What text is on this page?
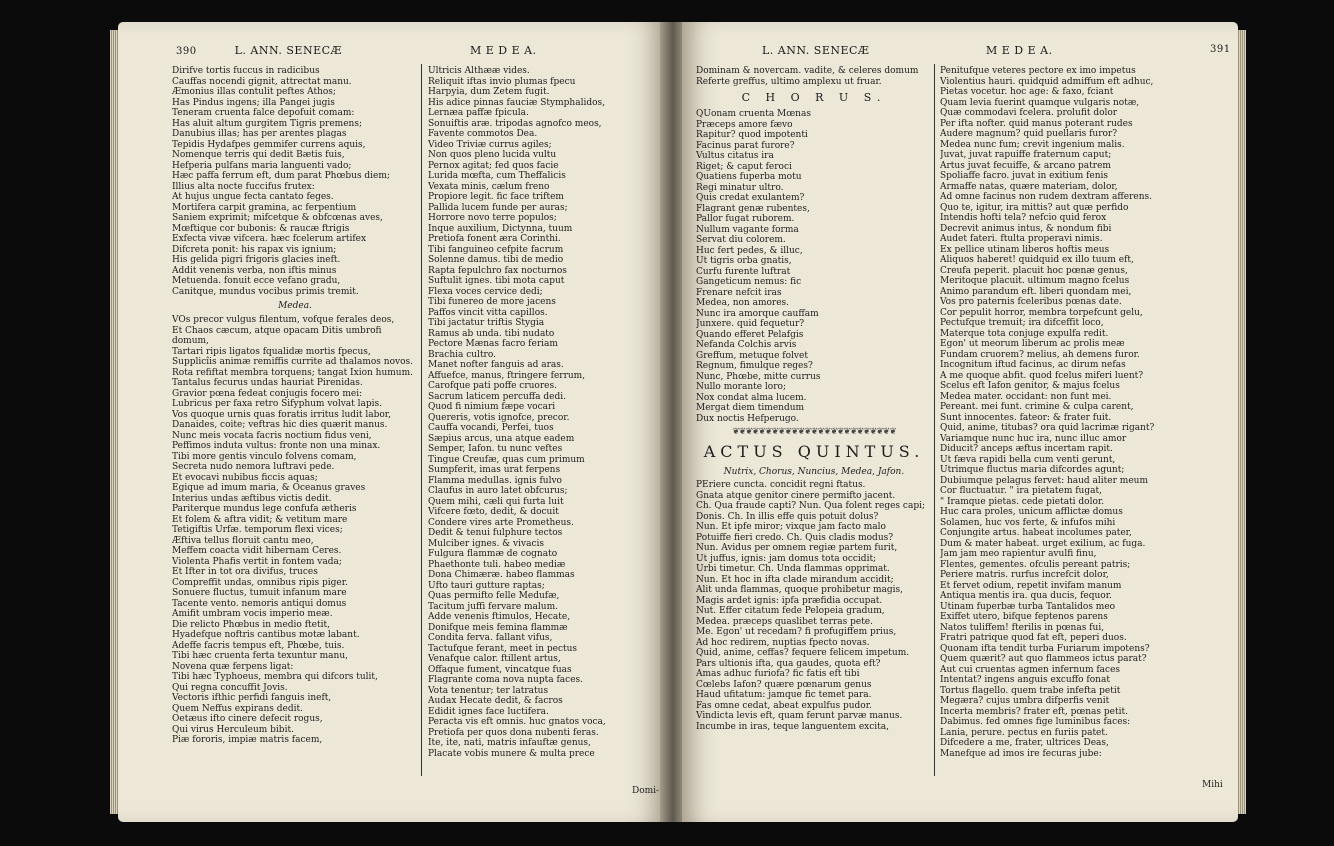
390	L. ANN. SENECÆ	M E D E A.
Dirifve tortis fuccus in radicibus
Cauffas nocendi gignit, attrectat manu.
Æmonius illas contulit peftes Athos;
Has Pindus ingens; illa Pangei jugis
Teneram cruenta falce depofuit comam:
Has aluit altum gurgitem Tigris premens;
Danubius illas; has per arentes plagas
Tepidis Hydafpes gemmifer currens aquis,
Nomenque terris qui dedit Bætis fuis,
Hefperia pulfans maria languenti vado;
Hæc paffa ferrum eft, dum parat Phœbus diem;
Illius alta nocte fuccifus frutex:
At hujus ungue fecta cantato feges.
Mortifera carpit gramina, ac ferpentium
Saniem exprimit; mifcetque & obfcœnas aves,
Mœftique cor bubonis: & raucæ ftrigis
Exfecta vivæ vifcera. hæc fcelerum artifex
Difcreta ponit: his rapax vis ignium;
His gelida pigri frigoris glacies ineft.
Addit venenis verba, non iftis minus
Metuenda. fonuit ecce vefano gradu,
Canitque, mundus vocibus primis tremit.
Medea.
VOs precor vulgus filentum, vofque ferales deos,
Et Chaos cæcum, atque opacam Ditis umbrofi
domum,
Tartari ripis ligatos fqualidæ mortis fpecus,
Supplicîis animæ remiffis currite ad thalamos novos.
Rota refiftat membra torquens; tangat Ixion humum.
Tantalus fecurus undas hauriat Pirenidas.
Gravior pœna fedeat conjugis focero mei:
Lubricus per faxa retro Sifyphum volvat lapis.
Vos quoque urnis quas foratis irritus ludit labor,
Danaides, coite; veftras hic dies quærit manus.
Nunc meis vocata facris noctium fidus veni,
Peffimos induta vultus: fronte non una minax.
Tibi more gentis vinculo folvens comam,
Secreta nudo nemora luftravi pede.
Et evocavi nubibus ficcis aquas;
Egique ad imum maria, & Oceanus graves
Interius undas æftibus victis dedit.
Pariterque mundus lege confufa ætheris
Et folem & aftra vidit; & vetitum mare
Tetigiftis Urfæ. temporum flexi vices;
Æftiva tellus floruit cantu meo,
Meffem coacta vidit hibernam Ceres.
Violenta Phafis vertit in fontem vada;
Et Ifter in tot ora divifus, truces
Compreffit undas, omnibus ripis piger.
Sonuere fluctus, tumuit infanum mare
Tacente vento. nemoris antiqui domus
Amifit umbram vocis imperio meæ.
Die relicto Phœbus in medio ftetit,
Hyadefque noftris cantibus motæ labant.
Adeffe facris tempus eft, Phœbe, tuis.
Tibi hæc cruenta ferta texuntur manu,
Novena quæ ferpens ligat:
Tibi hæc Typhoeus, membra qui difcors tulit,
Qui regna concuffit Jovis.
Vectoris ifthic perfidi fanguis ineft,
Quem Neffus expirans dedit.
Oetæus ifto cinere defecit rogus,
Qui virus Herculeum bibit.
Piæ fororis, impiæ matris facem,
Ultricis Althææ vides.
Reliquit iftas invio plumas fpecu
Harpyia, dum Zetem fugit.
His adice pinnas fauciæ Stymphalidos,
Lernæa paffæ fpicula.
Sonuiftis aræ. tripodas agnofco meos,
Favente commotos Dea.
Video Triviæ currus agiles;
Non quos pleno lucida vultu
Pernox agitat; fed quos facie
Lurida mœfta, cum Theffalicis
Vexata minis, cælum freno
Propiore legit. fic face triftem
Pallida lucem funde per auras;
Horrore novo terre populos;
Inque auxilium, Dictynna, tuum
Pretiofa fonent æra Corinthi.
Tibi fanguineo cefpite facrum
Solenne damus. tibi de medio
Rapta fepulchro fax nocturnos
Suftulit ignes. tibi mota caput
Flexa voces cervice dedi;
Tibi funereo de more jacens
Paffos vincit vitta capillos.
Tibi jactatur triftis Stygia
Ramus ab unda. tibi nudato
Pectore Mænas facro feriam
Brachia cultro.
Manet nofter fanguis ad aras.
Affuefce, manus, ftringere ferrum,
Carofque pati poffe cruores.
Sacrum laticem percuffa dedi.
Quod fi nimium fæpe vocari
Quereris, votis ignofce, precor.
Cauffa vocandi, Perfei, tuos
Sæpius arcus, una atque eadem
Semper, Iafon. tu nunc veftes
Tingue Creufæ, quas cum primum
Sumpferit, imas urat ferpens
Flamma medullas. ignis fulvo
Claufus in auro latet obfcurus;
Quem mihi, cæli qui furta luit
Vifcere fœto, dedit, & docuit
Condere vires arte Prometheus.
Dedit & tenui fulphure tectos
Mulciber ignes. & vivacis
Fulgura flammæ de cognato
Phaethonte tuli. habeo mediæ
Dona Chimæræ. habeo flammas
Ufto tauri gutture raptas;
Quas permifto felle Medufæ,
Tacitum juffi fervare malum.
Adde venenis ftimulos, Hecate,
Donifque meis femina flammæ
Condita ferva. fallant vifus,
Tactufque ferant, meet in pectus
Venafque calor. ftillent artus,
Offaque fument, vincatque fuas
Flagrante coma nova nupta faces.
Vota tenentur; ter latratus
Audax Hecate dedit, & facros
Edidit ignes face luctifera.
Peracta vis eft omnis. huc gnatos voca,
Pretiofa per quos dona nubenti feras.
Ite, ite, nati, matris infauftæ genus,
Placate vobis munere & multa prece
Domi-
L. ANN. SENECÆ	M E D E A.	391
Dominam & novercam. vadite, & celeres domum
Referte greffus, ultimo amplexu ut fruar.
C H O R U S.
QUonam cruenta Mœnas
Præceps amore fævo
Rapitur? quod impotenti
Facinus parat furore?
Vultus citatus ira
Riget; & caput feroci
Quatiens fuperba motu
Regi minatur ultro.
Quis credat exulantem?
Flagrant genæ rubentes,
Pallor fugat ruborem.
Nullum vagante forma
Servat diu colorem.
Huc fert pedes, & illuc,
Ut tigris orba gnatis,
Curfu furente luftrat
Gangeticum nemus: fic
Frenare nefcit iras
Medea, non amores.
Nunc ira amorque cauffam
Junxere. quid fequetur?
Quando efferet Pelafgis
Nefanda Colchis arvis
Greffum, metuque folvet
Regnum, fimulque reges?
Nunc, Phœbe, mitte currus
Nullo morante loro;
Nox condat alma lucem.
Mergat diem timendum
Dux noctis Hefperugo.
❦❦❦❦❦❦❦❦❦❦❦❦❦❦❦❦❦❦❦❦❦❦❦❦❦
ACTUS QUINTUS.
Nutrix, Chorus, Nuncius, Medea, Jafon.
PEriere cuncta. concidit regni ftatus.
Gnata atque genitor cinere permifto jacent.
Ch. Qua fraude capti? Nun. Qua folent reges capi;
Donis. Ch. In illis effe quis potuit dolus?
Nun. Et ipfe miror; vixque jam facto malo
Potuiffe fieri credo. Ch. Quis cladis modus?
Nun. Avidus per omnem regiæ partem furit,
Ut juffus, ignis: jam domus tota occidit;
Urbi timetur. Ch. Unda flammas opprimat.
Nun. Et hoc in ifta clade mirandum accidit;
Alit unda flammas, quoque prohibetur magis,
Magis ardet ignis: ipfa præfidia occupat.
Nut. Effer citatum fede Pelopeia gradum,
Medea. præceps quaslibet terras pete.
Me. Egon' ut recedam? fi profugiffem prius,
Ad hoc redirem, nuptias fpecto novas.
Quid, anime, ceffas? fequere felicem impetum.
Pars ultionis ifta, qua gaudes, quota eft?
Amas adhuc furiofa? fic fatis eft tibi
Cœlebs Iafon? quære pœnarum genus
Haud ufitatum: jamque fic temet para.
Fas omne cedat, abeat expulfus pudor.
Vindicta levis eft, quam ferunt parvæ manus.
Incumbe in iras, teque languentem excita,
Penitufque veteres pectore ex imo impetus
Violentius hauri. quidquid admiffum eft adhuc,
Pietas vocetur. hoc age: & faxo, fciant
Quam levia fuerint quamque vulgaris notæ,
Quæ commodavi fcelera. prolufit dolor
Per ifta nofter. quid manus poterant rudes
Audere magnum? quid puellaris furor?
Medea nunc fum; crevit ingenium malis.
Juvat, juvat rapuiffe fraternum caput;
Artus juvat fecuiffe, & arcano patrem
Spoliaffe facro. juvat in exitium fenis
Armaffe natas, quære materiam, dolor,
Ad omne facinus non rudem dextram afferens.
Quo te, igitur, ira mittis? aut quæ perfido
Intendis hofti tela? nefcio quid ferox
Decrevit animus intus, & nondum fibi
Audet fateri. ftulta properavi nimis.
Ex pellice utinam liberos hoftis meus
Aliquos haberet! quidquid ex illo tuum eft,
Creufa peperit. placuit hoc pœnæ genus,
Meritoque placuit. ultimum magno fcelus
Animo parandum eft. liberi quondam mei,
Vos pro paternis fceleribus pœnas date.
Cor pepulit horror, membra torpefcunt gelu,
Pectufque tremuit; ira difceffit loco,
Materque tota conjuge expulfa redit.
Egon' ut meorum liberum ac prolis meæ
Fundam cruorem? melius, ah demens furor.
Incognitum iftud facinus, ac dirum nefas
A me quoque abfit. quod fcelus miferi luent?
Scelus eft Iafon genitor, & majus fcelus
Medea mater. occidant: non funt mei.
Pereant. mei funt. crimine & culpa carent,
Sunt innocentes. fateor: & frater fuit.
Quid, anime, titubas? ora quid lacrimæ rigant?
Variamque nunc huc ira, nunc illuc amor
Diducit? anceps æftus incertam rapit.
Ut fæva rapidi bella cum venti gerunt,
Utrimque fluctus maria difcordes agunt;
Dubiumque pelagus fervet: haud aliter meum
Cor fluctuatur. " ira pietatem fugat,
" Iramque pietas. cede pietati dolor.
Huc cara proles, unicum afflictæ domus
Solamen, huc vos ferte, & infufos mihi
Conjungite artus. habeat incolumes pater,
Dum & mater habeat. urget exilium, ac fuga.
Jam jam meo rapientur avulfi finu,
Flentes, gementes. ofculis pereant patris;
Periere matris. rurfus increfcit dolor,
Et fervet odium, repetit invifam manum
Antiqua mentis ira. qua ducis, fequor.
Utinam fuperbæ turba Tantalidos meo
Exiffet utero, bifque feptenos parens
Natos tuliffem! fterilis in pœnas fui,
Fratri patrique quod fat eft, peperi duos.
Quonam ifta tendit turba Furiarum impotens?
Quem quærit? aut quo flammeos ictus parat?
Aut cui cruentas agmen infernum faces
Intentat? ingens anguis excuffo fonat
Tortus flagello. quem trabe infefta petit
Megæra? cujus umbra difperfis venit
Incerta membris? frater eft, pœnas petit.
Dabimus. fed omnes fige luminibus faces:
Lania, perure. pectus en furiis patet.
Difcedere a me, frater, ultrices Deas,
Manefque ad imos ire fecuras jube:
Mihi
